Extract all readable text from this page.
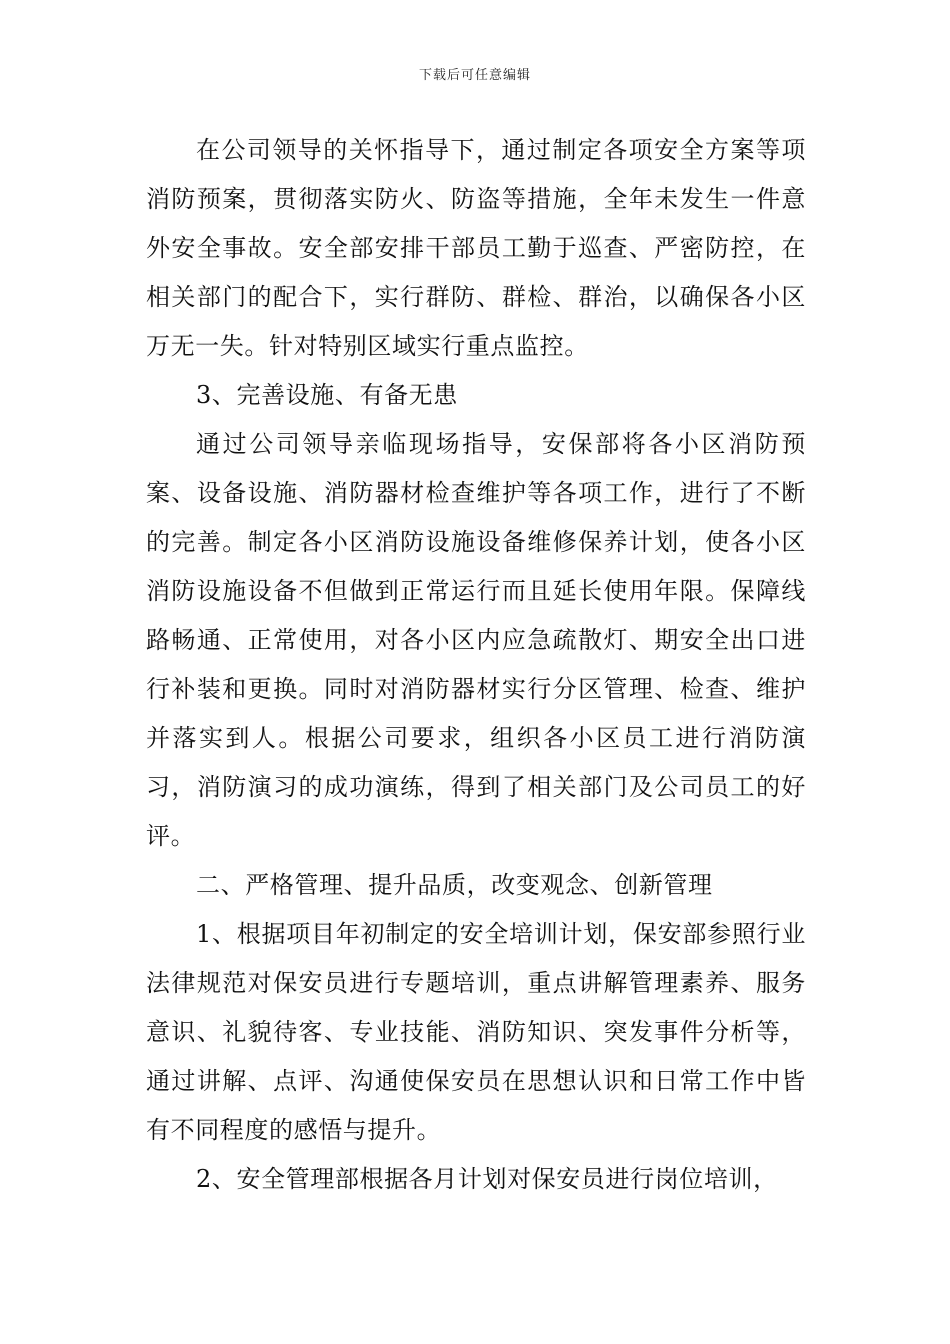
下载后可任意编辑

在公司领导的关怀指导下，通过制定各项安全方案等项消防预案，贯彻落实防火、防盗等措施，全年未发生一件意外安全事故。安全部安排干部员工勤于巡查、严密防控，在相关部门的配合下，实行群防、群检、群治，以确保各小区万无一失。针对特别区域实行重点监控。

3、完善设施、有备无患

通过公司领导亲临现场指导，安保部将各小区消防预案、设备设施、消防器材检查维护等各项工作，进行了不断的完善。制定各小区消防设施设备维修保养计划，使各小区消防设施设备不但做到正常运行而且延长使用年限。保障线路畅通、正常使用，对各小区内应急疏散灯、期安全出口进行补装和更换。同时对消防器材实行分区管理、检查、维护并落实到人。根据公司要求，组织各小区员工进行消防演习，消防演习的成功演练，得到了相关部门及公司员工的好评。

二、严格管理、提升品质，改变观念、创新管理

1、根据项目年初制定的安全培训计划，保安部参照行业法律规范对保安员进行专题培训，重点讲解管理素养、服务意识、礼貌待客、专业技能、消防知识、突发事件分析等，通过讲解、点评、沟通使保安员在思想认识和日常工作中皆有不同程度的感悟与提升。

2、安全管理部根据各月计划对保安员进行岗位培训，
